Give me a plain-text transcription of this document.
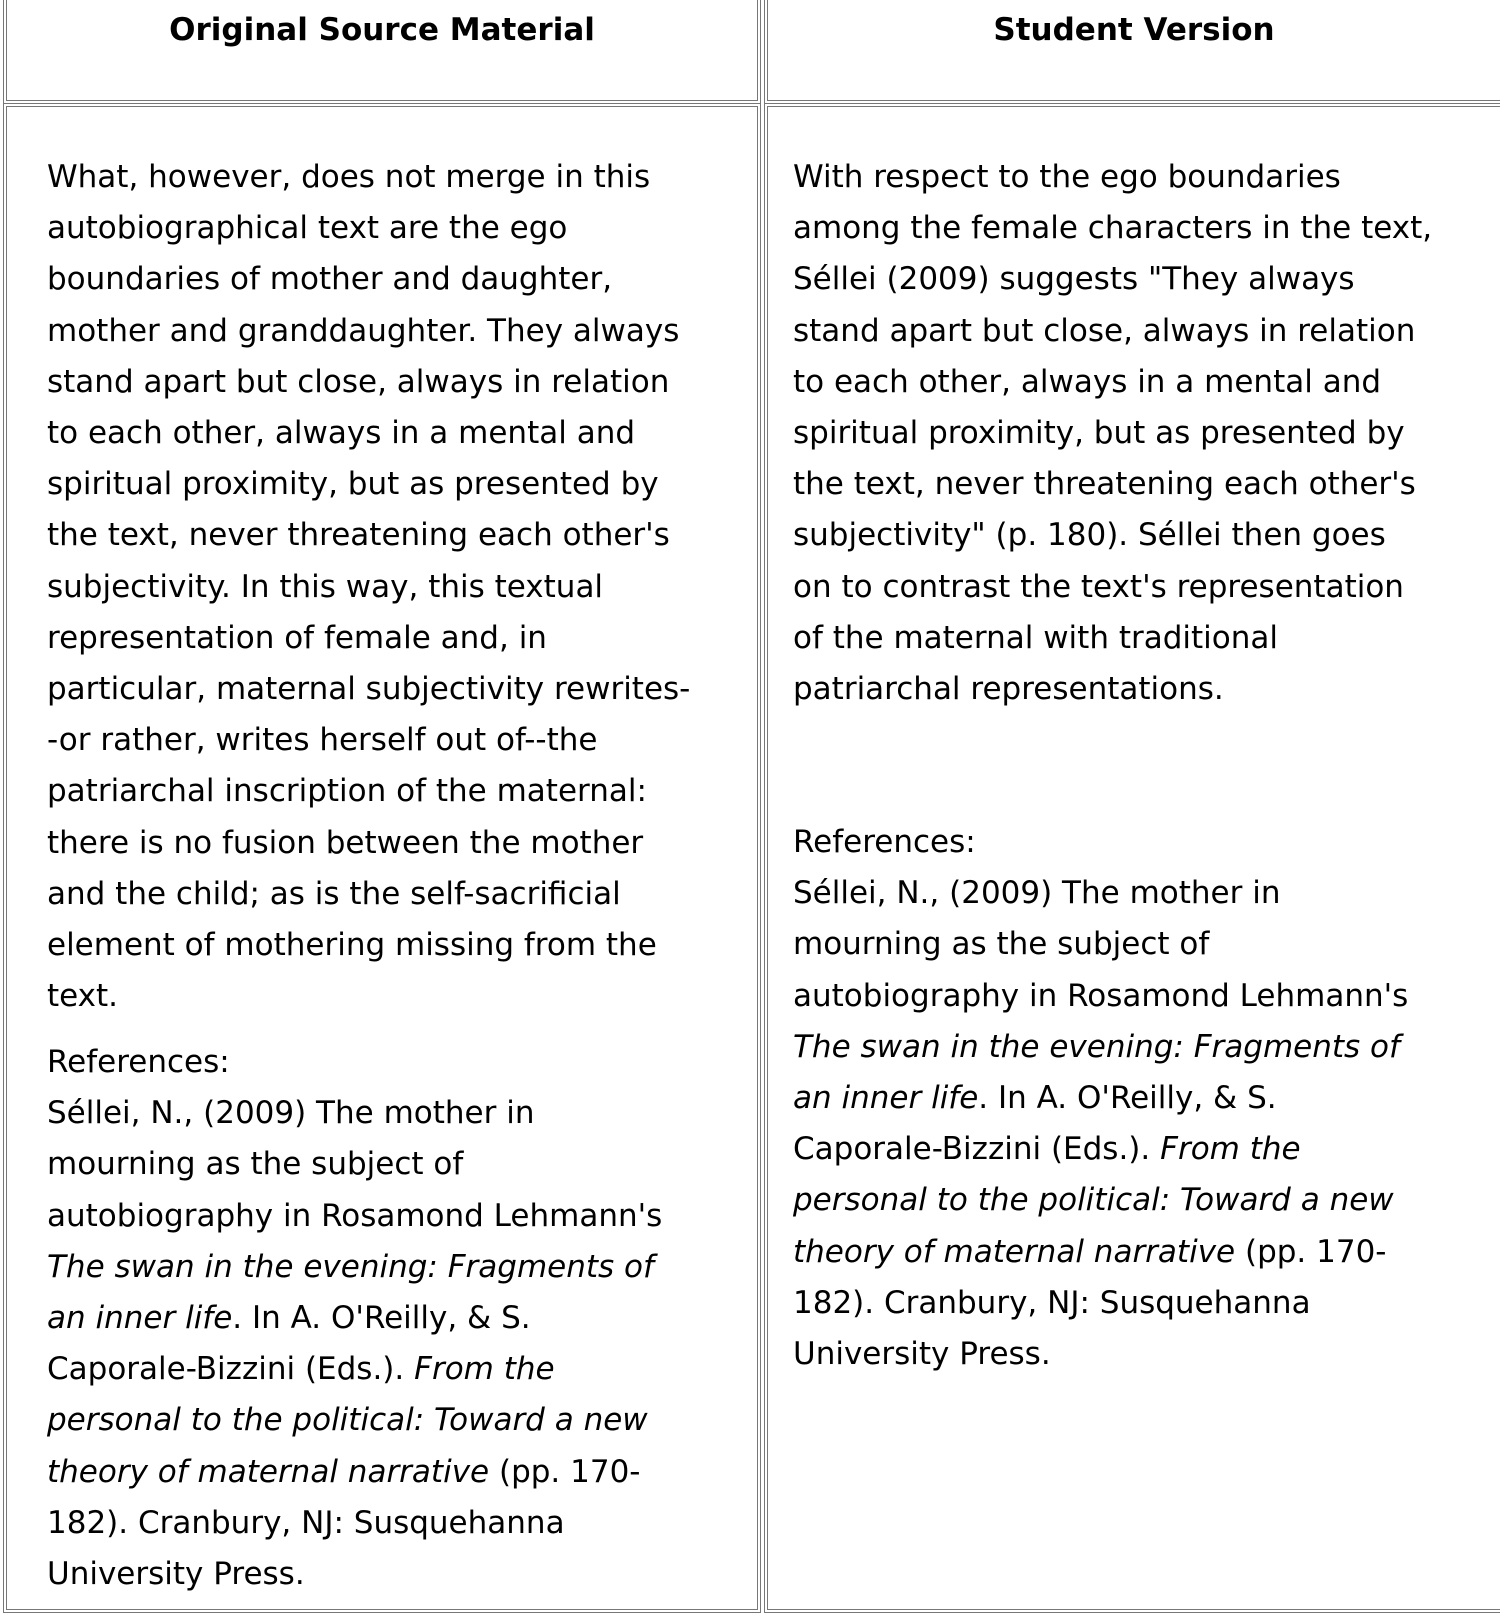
Original Source Material	Student Version
What, however, does not merge in this
autobiographical text are the ego
boundaries of mother and daughter,
mother and granddaughter. They always
stand apart but close, always in relation
to each other, always in a mental and
spiritual proximity, but as presented by
the text, never threatening each other's
subjectivity. In this way, this textual
representation of female and, in
particular, maternal subjectivity rewrites-
-or rather, writes herself out of--the
patriarchal inscription of the maternal:
there is no fusion between the mother
and the child; as is the self-sacrificial
element of mothering missing from the
text.
References:
Séllei, N., (2009) The mother in
mourning as the subject of
autobiography in Rosamond Lehmann's
The swan in the evening: Fragments of
an inner life. In A. O'Reilly, & S.
Caporale-Bizzini (Eds.). From the
personal to the political: Toward a new
theory of maternal narrative (pp. 170-
182). Cranbury, NJ: Susquehanna
University Press.
With respect to the ego boundaries
among the female characters in the text,
Séllei (2009) suggests "They always
stand apart but close, always in relation
to each other, always in a mental and
spiritual proximity, but as presented by
the text, never threatening each other's
subjectivity" (p. 180). Séllei then goes
on to contrast the text's representation
of the maternal with traditional
patriarchal representations.
References:
Séllei, N., (2009) The mother in
mourning as the subject of
autobiography in Rosamond Lehmann's
The swan in the evening: Fragments of
an inner life. In A. O'Reilly, & S.
Caporale-Bizzini (Eds.). From the
personal to the political: Toward a new
theory of maternal narrative (pp. 170-
182). Cranbury, NJ: Susquehanna
University Press.
